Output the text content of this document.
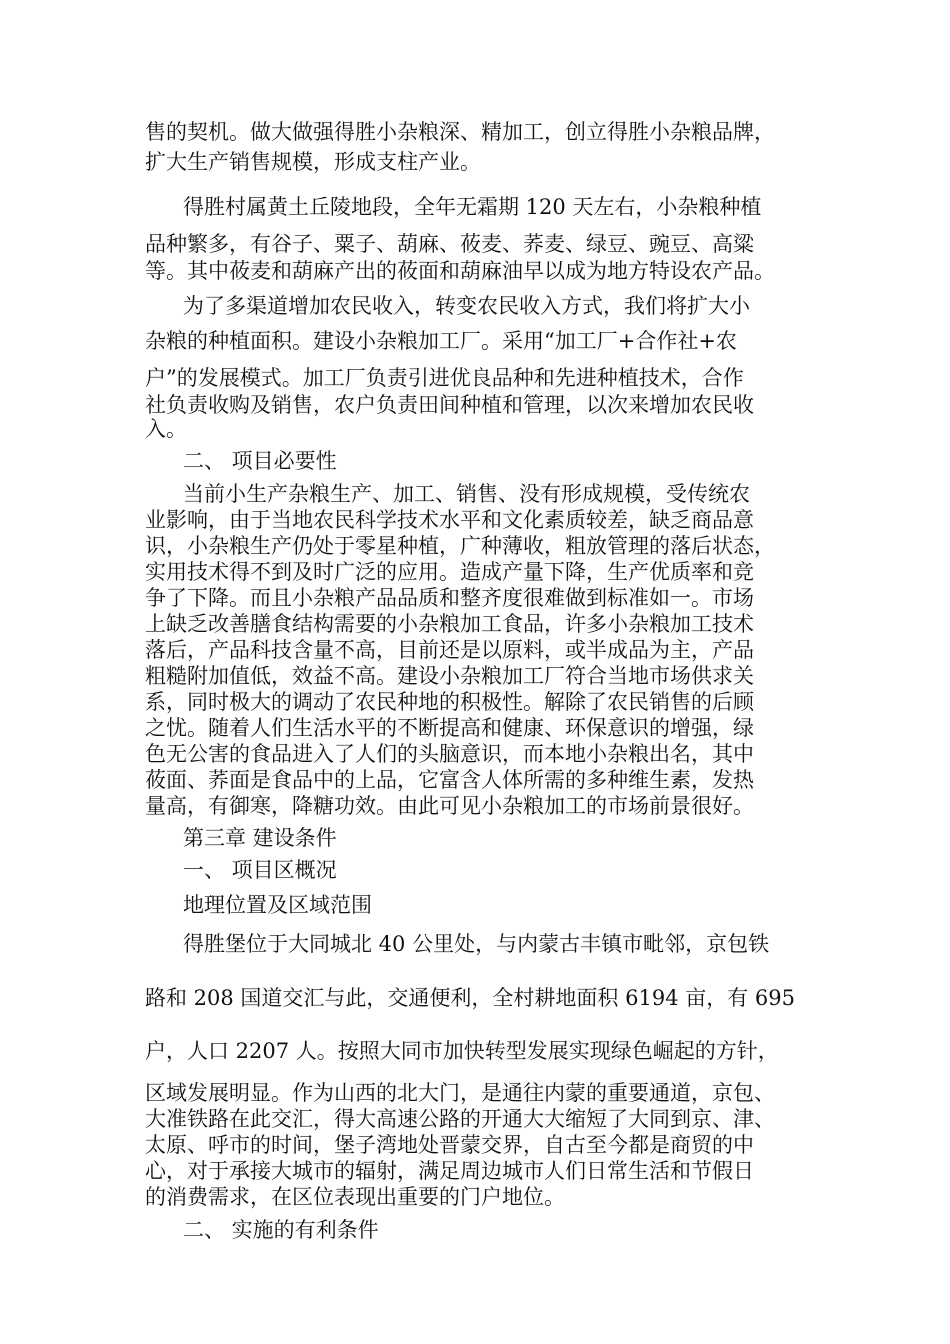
售的契机。做大做强得胜小杂粮深、精加工，创立得胜小杂粮品牌，
扩大生产销售规模，形成支柱产业。
得胜村属黄土丘陵地段，全年无霜期 120 天左右，小杂粮种植
品种繁多，有谷子、粟子、葫麻、莜麦、荞麦、绿豆、豌豆、高粱
等。其中莜麦和葫麻产出的莜面和葫麻油早以成为地方特设农产品。
为了多渠道增加农民收入，转变农民收入方式，我们将扩大小
杂粮的种植面积。建设小杂粮加工厂。采用“加工厂+合作社+农
户”的发展模式。加工厂负责引进优良品种和先进种植技术，合作
社负责收购及销售，农户负责田间种植和管理，以次来增加农民收
入。
二、 项目必要性
当前小生产杂粮生产、加工、销售、没有形成规模，受传统农
业影响，由于当地农民科学技术水平和文化素质较差，缺乏商品意
识，小杂粮生产仍处于零星种植，广种薄收，粗放管理的落后状态，
实用技术得不到及时广泛的应用。造成产量下降，生产优质率和竞
争了下降。而且小杂粮产品品质和整齐度很难做到标准如一。市场
上缺乏改善膳食结构需要的小杂粮加工食品，许多小杂粮加工技术
落后，产品科技含量不高，目前还是以原料，或半成品为主，产品
粗糙附加值低，效益不高。建设小杂粮加工厂符合当地市场供求关
系，同时极大的调动了农民种地的积极性。解除了农民销售的后顾
之忧。随着人们生活水平的不断提高和健康、环保意识的增强，绿
色无公害的食品进入了人们的头脑意识，而本地小杂粮出名，其中
莜面、荞面是食品中的上品，它富含人体所需的多种维生素，发热
量高，有御寒，降糖功效。由此可见小杂粮加工的市场前景很好。
第三章 建设条件
一、 项目区概况
地理位置及区域范围
得胜堡位于大同城北 40 公里处，与内蒙古丰镇市毗邻，京包铁
路和 208 国道交汇与此，交通便利，全村耕地面积 6194 亩，有 695
户，人口 2207 人。按照大同市加快转型发展实现绿色崛起的方针，
区域发展明显。作为山西的北大门，是通往内蒙的重要通道，京包、
大准铁路在此交汇，得大高速公路的开通大大缩短了大同到京、津、
太原、呼市的时间，堡子湾地处晋蒙交界，自古至今都是商贸的中
心，对于承接大城市的辐射，满足周边城市人们日常生活和节假日
的消费需求，在区位表现出重要的门户地位。
二、 实施的有利条件
